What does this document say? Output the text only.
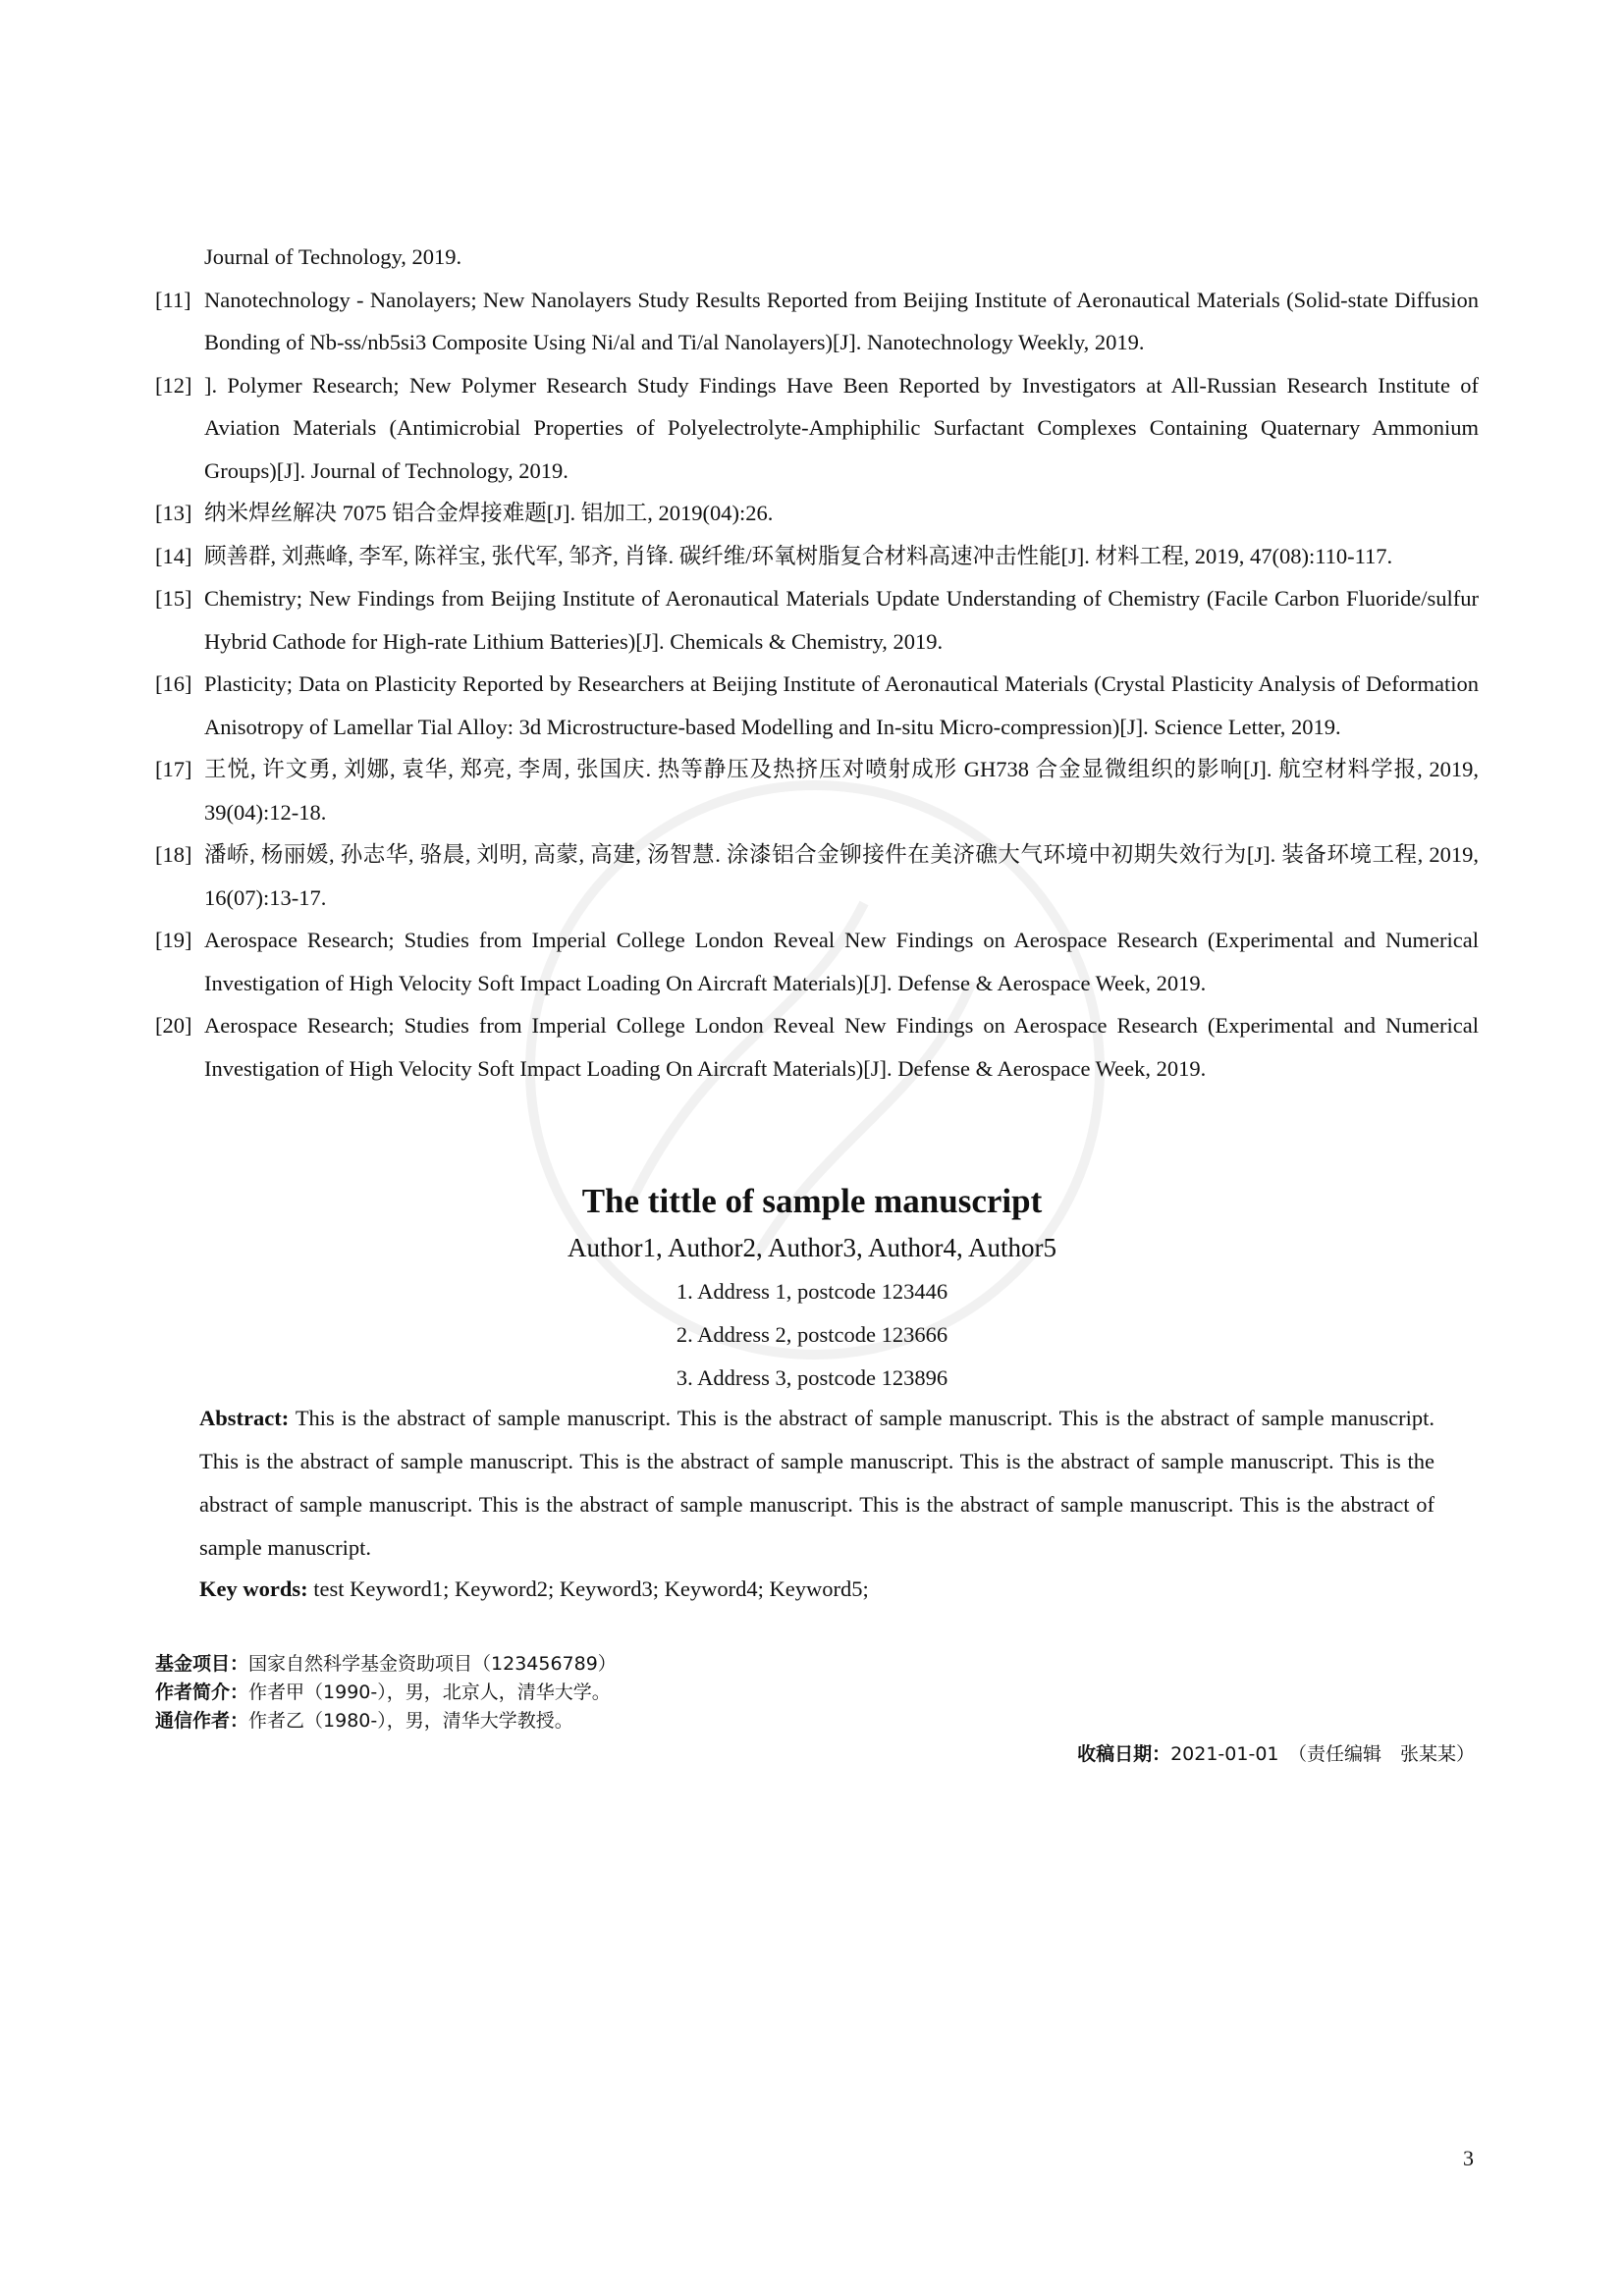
Journal of Technology, 2019.
[11] Nanotechnology - Nanolayers; New Nanolayers Study Results Reported from Beijing Institute of Aeronautical Materials (Solid-state Diffusion Bonding of Nb-ss/nb5si3 Composite Using Ni/al and Ti/al Nanolayers)[J]. Nanotechnology Weekly, 2019.
[12] ]. Polymer Research; New Polymer Research Study Findings Have Been Reported by Investigators at All-Russian Research Institute of Aviation Materials (Antimicrobial Properties of Polyelectrolyte-Amphiphilic Surfactant Complexes Containing Quaternary Ammonium Groups)[J]. Journal of Technology, 2019.
[13] 纳米焊丝解决 7075 铝合金焊接难题[J]. 铝加工, 2019(04):26.
[14] 顾善群, 刘燕峰, 李军, 陈祥宝, 张代军, 邹齐, 肖锋. 碳纤维/环氧树脂复合材料高速冲击性能[J]. 材料工程, 2019, 47(08):110-117.
[15] Chemistry; New Findings from Beijing Institute of Aeronautical Materials Update Understanding of Chemistry (Facile Carbon Fluoride/sulfur Hybrid Cathode for High-rate Lithium Batteries)[J]. Chemicals & Chemistry, 2019.
[16] Plasticity; Data on Plasticity Reported by Researchers at Beijing Institute of Aeronautical Materials (Crystal Plasticity Analysis of Deformation Anisotropy of Lamellar Tial Alloy: 3d Microstructure-based Modelling and In-situ Micro-compression)[J]. Science Letter, 2019.
[17] 王悦, 许文勇, 刘娜, 袁华, 郑亮, 李周, 张国庆. 热等静压及热挤压对喷射成形 GH738 合金显微组织的影响[J]. 航空材料学报, 2019, 39(04):12-18.
[18] 潘峤, 杨丽媛, 孙志华, 骆晨, 刘明, 高蒙, 高建, 汤智慧. 涂漆铝合金铆接件在美济礁大气环境中初期失效行为[J]. 装备环境工程, 2019, 16(07):13-17.
[19] Aerospace Research; Studies from Imperial College London Reveal New Findings on Aerospace Research (Experimental and Numerical Investigation of High Velocity Soft Impact Loading On Aircraft Materials)[J]. Defense & Aerospace Week, 2019.
[20] Aerospace Research; Studies from Imperial College London Reveal New Findings on Aerospace Research (Experimental and Numerical Investigation of High Velocity Soft Impact Loading On Aircraft Materials)[J]. Defense & Aerospace Week, 2019.
The tittle of sample manuscript
Author1, Author2, Author3, Author4, Author5
1. Address 1, postcode 123446
2. Address 2, postcode 123666
3. Address 3, postcode 123896
Abstract: This is the abstract of sample manuscript. This is the abstract of sample manuscript. This is the abstract of sample manuscript. This is the abstract of sample manuscript. This is the abstract of sample manuscript. This is the abstract of sample manuscript. This is the abstract of sample manuscript. This is the abstract of sample manuscript. This is the abstract of sample manuscript. This is the abstract of sample manuscript.
Key words: test Keyword1; Keyword2; Keyword3; Keyword4; Keyword5;
基金项目：国家自然科学基金资助项目（123456789）
作者简介：作者甲（1990-），男，北京人，清华大学。
通信作者：作者乙（1980-），男，清华大学教授。
收稿日期：2021-01-01　（责任编辑　张某某）
3
